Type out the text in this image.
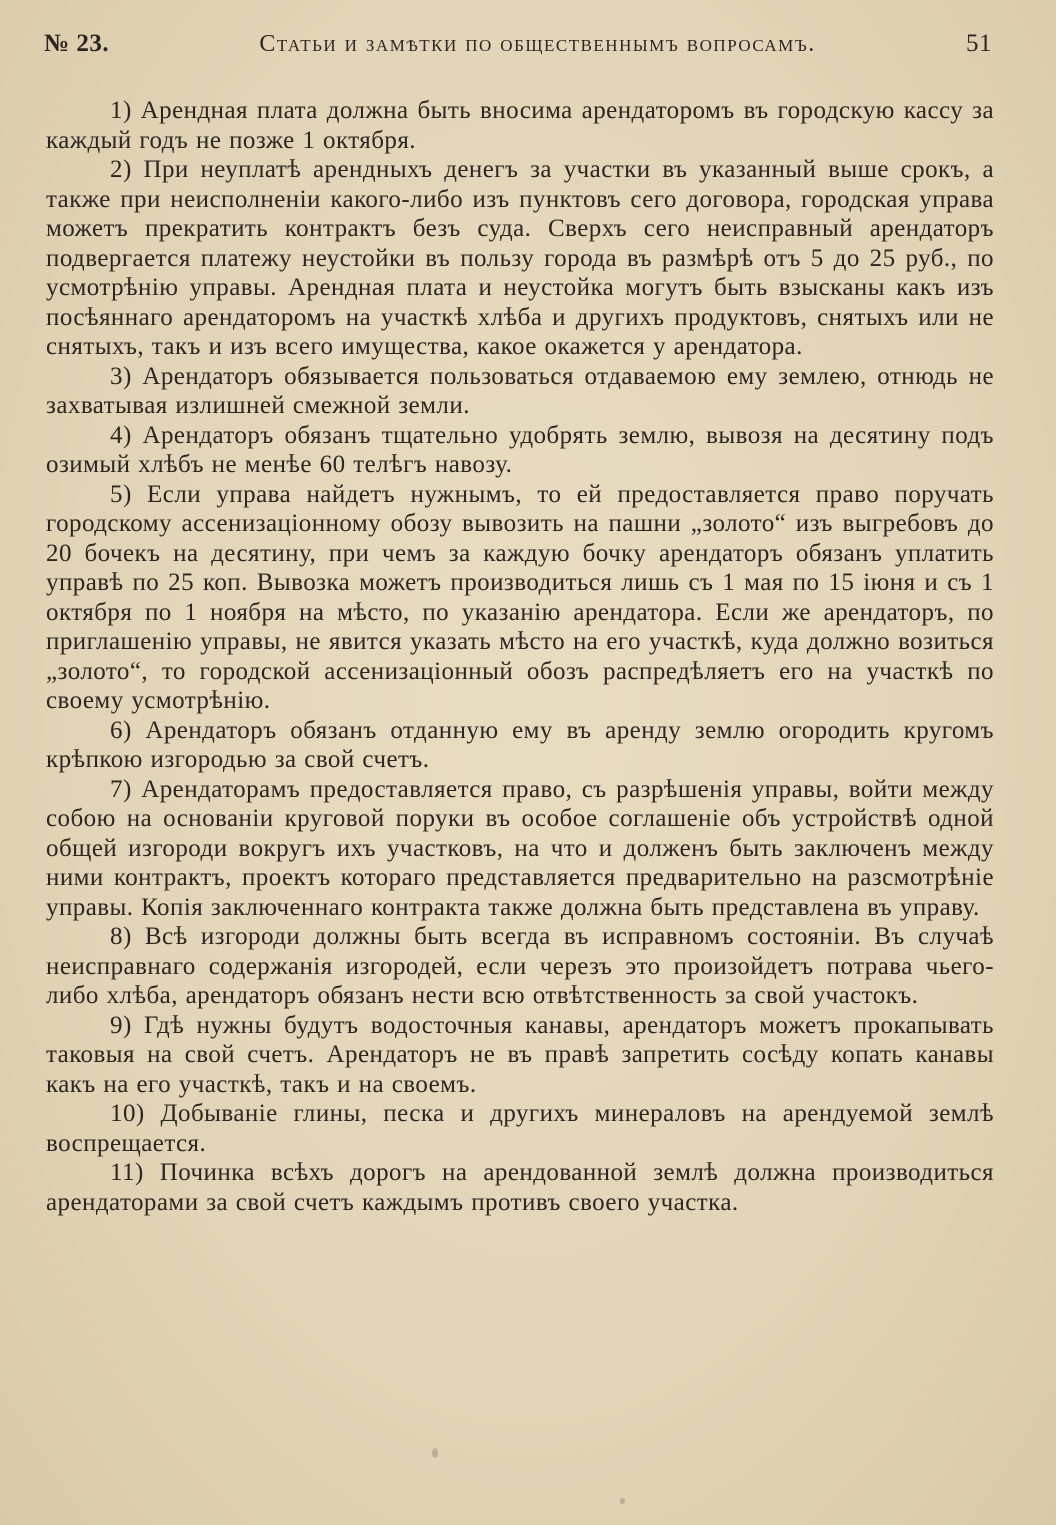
№ 23.	Статьи и замѣтки по общественнымъ вопросамъ.	51

1) Арендная плата должна быть вносима арендаторомъ въ городскую кассу за каждый годъ не позже 1 октября.

2) При неуплатѣ арендныхъ денегъ за участки въ указанный выше срокъ, а также при неисполненіи какого-либо изъ пунктовъ сего договора, городская управа можетъ прекратить контрактъ безъ суда. Сверхъ сего неисправный арендаторъ подвергается платежу неустойки въ пользу города въ размѣрѣ отъ 5 до 25 руб., по усмотрѣнію управы. Арендная плата и неустойка могутъ быть взысканы какъ изъ посѣяннаго арендаторомъ на участкѣ хлѣба и другихъ продуктовъ, снятыхъ или не снятыхъ, такъ и изъ всего имущества, какое окажется у арендатора.

3) Арендаторъ обязывается пользоваться отдаваемою ему землею, отнюдь не захватывая излишней смежной земли.

4) Арендаторъ обязанъ тщательно удобрять землю, вывозя на десятину подъ озимый хлѣбъ не менѣе 60 телѣгъ навозу.

5) Если управа найдетъ нужнымъ, то ей предоставляется право поручать городскому ассенизаціонному обозу вывозить на пашни „золото“ изъ выгребовъ до 20 бочекъ на десятину, при чемъ за каждую бочку арендаторъ обязанъ уплатить управѣ по 25 коп. Вывозка можетъ производиться лишь съ 1 мая по 15 іюня и съ 1 октября по 1 ноября на мѣсто, по указанію арендатора. Если же арендаторъ, по приглашенію управы, не явится указать мѣсто на его участкѣ, куда должно возиться „золото“, то городской ассенизаціонный обозъ распредѣляетъ его на участкѣ по своему усмотрѣнію.

6) Арендаторъ обязанъ отданную ему въ аренду землю огородить кругомъ крѣпкою изгородью за свой счетъ.

7) Арендаторамъ предоставляется право, съ разрѣшенія управы, войти между собою на основаніи круговой поруки въ особое соглашеніе объ устройствѣ одной общей изгороди вокругъ ихъ участковъ, на что и долженъ быть заключенъ между ними контрактъ, проектъ котораго представляется предварительно на разсмотрѣніе управы. Копія заключеннаго контракта также должна быть представлена въ управу.

8) Всѣ изгороди должны быть всегда въ исправномъ состояніи. Въ случаѣ неисправнаго содержанія изгородей, если черезъ это произойдетъ потрава чьего-либо хлѣба, арендаторъ обязанъ нести всю отвѣтственность за свой участокъ.

9) Гдѣ нужны будутъ водосточныя канавы, арендаторъ можетъ прокапывать таковыя на свой счетъ. Арендаторъ не въ правѣ запретить сосѣду копать канавы какъ на его участкѣ, такъ и на своемъ.

10) Добываніе глины, песка и другихъ минераловъ на арендуемой землѣ воспрещается.

11) Починка всѣхъ дорогъ на арендованной землѣ должна производиться арендаторами за свой счетъ каждымъ противъ своего участка.
